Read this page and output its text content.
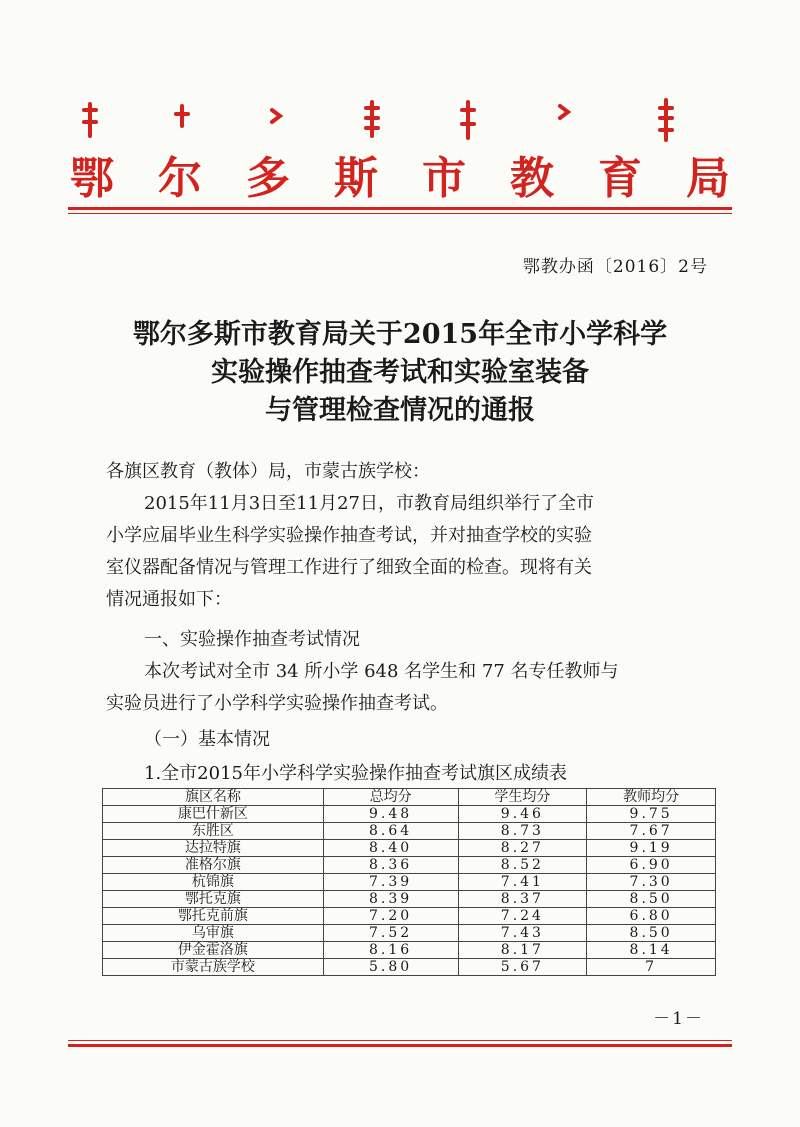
鄂 尔 多 斯 市 教 育 局
鄂教办函〔2016〕2号
鄂尔多斯市教育局关于2015年全市小学科学
实验操作抽查考试和实验室装备
与管理检查情况的通报
各旗区教育（教体）局，市蒙古族学校：
2015年11月3日至11月27日，市教育局组织举行了全市
小学应届毕业生科学实验操作抽查考试，并对抽查学校的实验
室仪器配备情况与管理工作进行了细致全面的检查。现将有关
情况通报如下：
一、实验操作抽查考试情况
本次考试对全市 34 所小学 648 名学生和 77 名专任教师与
实验员进行了小学科学实验操作抽查考试。
（一）基本情况
1.全市2015年小学科学实验操作抽查考试旗区成绩表
旗区名称	总均分	学生均分	教师均分
康巴什新区	9.48	9.46	9.75
东胜区	8.64	8.73	7.67
达拉特旗	8.40	8.27	9.19
准格尔旗	8.36	8.52	6.90
杭锦旗	7.39	7.41	7.30
鄂托克旗	8.39	8.37	8.50
鄂托克前旗	7.20	7.24	6.80
乌审旗	7.52	7.43	8.50
伊金霍洛旗	8.16	8.17	8.14
市蒙古族学校	5.80	5.67	7
－1－
